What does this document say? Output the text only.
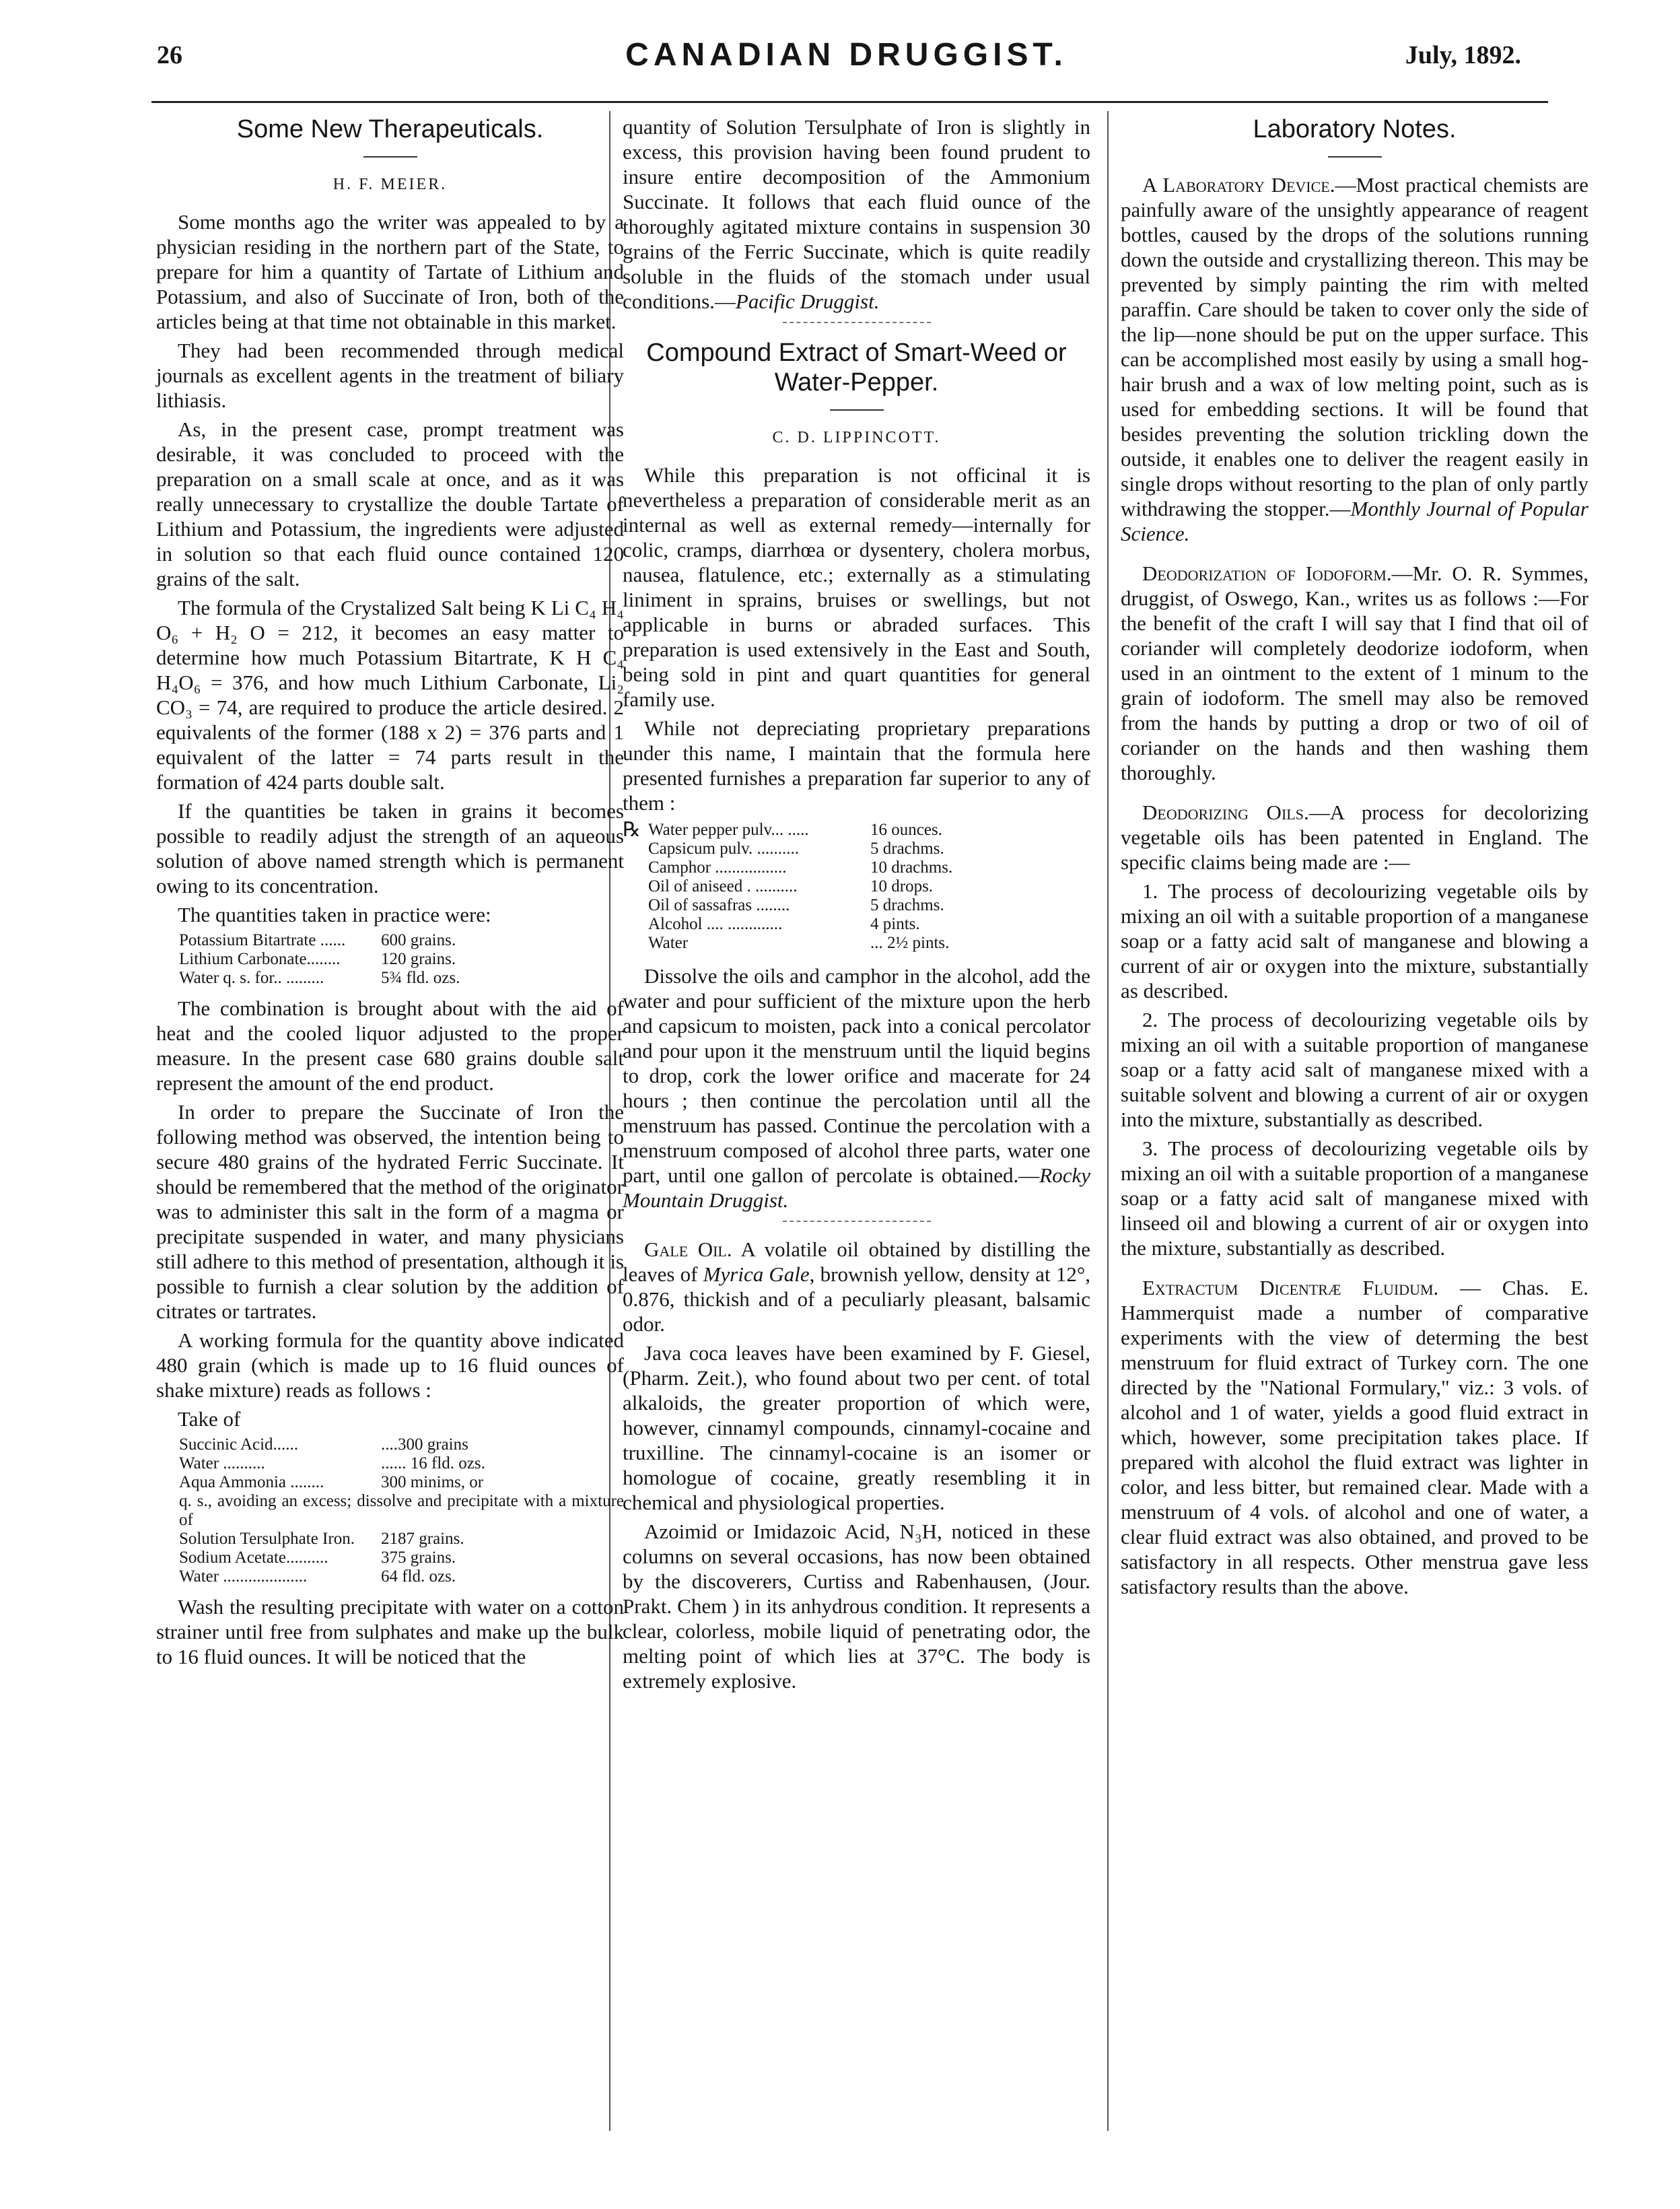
26	CANADIAN DRUGGIST.	July, 1892.
Some New Therapeuticals.
H. F. MEIER.

Some months ago the writer was appealed to by a physician residing in the northern part of the State, to prepare for him a quantity of Tartate of Lithium and Potassium, and also of Succinate of Iron, both of the articles being at that time not obtainable in this market.

They had been recommended through medical journals as excellent agents in the treatment of biliary lithiasis.

As, in the present case, prompt treatment was desirable, it was concluded to proceed with the preparation on a small scale at once, and as it was really unnecessary to crystallize the double Tartate of Lithium and Potassium, the ingredients were adjusted in solution so that each fluid ounce contained 120 grains of the salt.

The formula of the Crystalized Salt being K Li C₄ H₄ O₆ + H₂ O = 212, it becomes an easy matter to determine how much Potassium Bitartrate, K H C₄ H₄O₆ = 376, and how much Lithium Carbonate, Li₂ CO₃ = 74, are required to produce the article desired. 2 equivalents of the former (188 x 2) = 376 parts and 1 equivalent of the latter = 74 parts result in the formation of 424 parts double salt.

If the quantities be taken in grains it becomes possible to readily adjust the strength of an aqueous solution of above named strength which is permanent owing to its concentration.

The quantities taken in practice were:

Potassium Bitartrate ......	600 grains.
Lithium Carbonate........	120 grains.
Water q. s. for.. .........	5¾ fld. ozs.

The combination is brought about with the aid of heat and the cooled liquor adjusted to the proper measure. In the present case 680 grains double salt represent the amount of the end product.

In order to prepare the Succinate of Iron the following method was observed, the intention being to secure 480 grains of the hydrated Ferric Succinate. It should be remembered that the method of the originator was to administer this salt in the form of a magma or precipitate suspended in water, and many physicians still adhere to this method of presentation, although it is possible to furnish a clear solution by the addition of citrates or tartrates.

A working formula for the quantity above indicated 480 grain (which is made up to 16 fluid ounces of shake mixture) reads as follows :

Take of

Succinic Acid......	....300 grains
Water ..........	...... 16 fld. ozs.
Aqua Ammonia ........	300 minims, or
q. s., avoiding an excess; dissolve and precipitate with a mixture of
Solution Tersulphate Iron.	2187 grains.
Sodium Acetate..........	375 grains.
Water ....................	64 fld. ozs.

Wash the resulting precipitate with water on a cotton strainer until free from sulphates and make up the bulk to 16 fluid ounces. It will be noticed that the

quantity of Solution Tersulphate of Iron is slightly in excess, this provision having been found prudent to insure entire decomposition of the Ammonium Succinate. It follows that each fluid ounce of the thoroughly agitated mixture contains in suspension 30 grains of the Ferric Succinate, which is quite readily soluble in the fluids of the stomach under usual conditions.—Pacific Druggist.

Compound Extract of Smart-Weed or Water-Pepper.
C. D. LIPPINCOTT.

While this preparation is not officinal it is nevertheless a preparation of considerable merit as an internal as well as external remedy—internally for colic, cramps, diarrhœa or dysentery, cholera morbus, nausea, flatulence, etc.; externally as a stimulating liniment in sprains, bruises or swellings, but not applicable in burns or abraded surfaces. This preparation is used extensively in the East and South, being sold in pint and quart quantities for general family use.

While not depreciating proprietary preparations under this name, I maintain that the formula here presented furnishes a preparation far superior to any of them :

℞ Water pepper pulv... .....	16 ounces.
Capsicum pulv. ..........	5 drachms.
Camphor .................	10 drachms.
Oil of aniseed . ..........	10 drops.
Oil of sassafras ........	5 drachms.
Alcohol .... .............	4 pints.
Water	... 2½ pints.

Dissolve the oils and camphor in the alcohol, add the water and pour sufficient of the mixture upon the herb and capsicum to moisten, pack into a conical percolator and pour upon it the menstruum until the liquid begins to drop, cork the lower orifice and macerate for 24 hours ; then continue the percolation until all the menstruum has passed. Continue the percolation with a menstruum composed of alcohol three parts, water one part, until one gallon of percolate is obtained.—Rocky Mountain Druggist.

Gale Oil. A volatile oil obtained by distilling the leaves of Myrica Gale, brownish yellow, density at 12°, 0.876, thickish and of a peculiarly pleasant, balsamic odor.

Java coca leaves have been examined by F. Giesel, (Pharm. Zeit.), who found about two per cent. of total alkaloids, the greater proportion of which were, however, cinnamyl compounds, cinnamyl-cocaine and truxilline. The cinnamyl-cocaine is an isomer or homologue of cocaine, greatly resembling it in chemical and physiological properties.

Azoimid or Imidazoic Acid, N₃H, noticed in these columns on several occasions, has now been obtained by the discoverers, Curtiss and Rabenhausen, (Jour. Prakt. Chem ) in its anhydrous condition. It represents a clear, colorless, mobile liquid of penetrating odor, the melting point of which lies at 37°C. The body is extremely explosive.

Laboratory Notes.

A Laboratory Device.—Most practical chemists are painfully aware of the unsightly appearance of reagent bottles, caused by the drops of the solutions running down the outside and crystallizing thereon. This may be prevented by simply painting the rim with melted paraffin. Care should be taken to cover only the side of the lip—none should be put on the upper surface. This can be accomplished most easily by using a small hog-hair brush and a wax of low melting point, such as is used for embedding sections. It will be found that besides preventing the solution trickling down the outside, it enables one to deliver the reagent easily in single drops without resorting to the plan of only partly withdrawing the stopper.—Monthly Journal of Popular Science.

Deodorization of Iodoform.—Mr. O. R. Symmes, druggist, of Oswego, Kan., writes us as follows :—For the benefit of the craft I will say that I find that oil of coriander will completely deodorize iodoform, when used in an ointment to the extent of 1 minum to the grain of iodoform. The smell may also be removed from the hands by putting a drop or two of oil of coriander on the hands and then washing them thoroughly.

Deodorizing Oils.—A process for decolorizing vegetable oils has been patented in England. The specific claims being made are :—

1. The process of decolourizing vegetable oils by mixing an oil with a suitable proportion of a manganese soap or a fatty acid salt of manganese and blowing a current of air or oxygen into the mixture, substantially as described.

2. The process of decolourizing vegetable oils by mixing an oil with a suitable proportion of manganese soap or a fatty acid salt of manganese mixed with a suitable solvent and blowing a current of air or oxygen into the mixture, substantially as described.

3. The process of decolourizing vegetable oils by mixing an oil with a suitable proportion of a manganese soap or a fatty acid salt of manganese mixed with linseed oil and blowing a current of air or oxygen into the mixture, substantially as described.

Extractum Dicentræ Fluidum. — Chas. E. Hammerquist made a number of comparative experiments with the view of determing the best menstruum for fluid extract of Turkey corn. The one directed by the "National Formulary," viz.: 3 vols. of alcohol and 1 of water, yields a good fluid extract in which, however, some precipitation takes place. If prepared with alcohol the fluid extract was lighter in color, and less bitter, but remained clear. Made with a menstruum of 4 vols. of alcohol and one of water, a clear fluid extract was also obtained, and proved to be satisfactory in all respects. Other menstrua gave less satisfactory results than the above.
